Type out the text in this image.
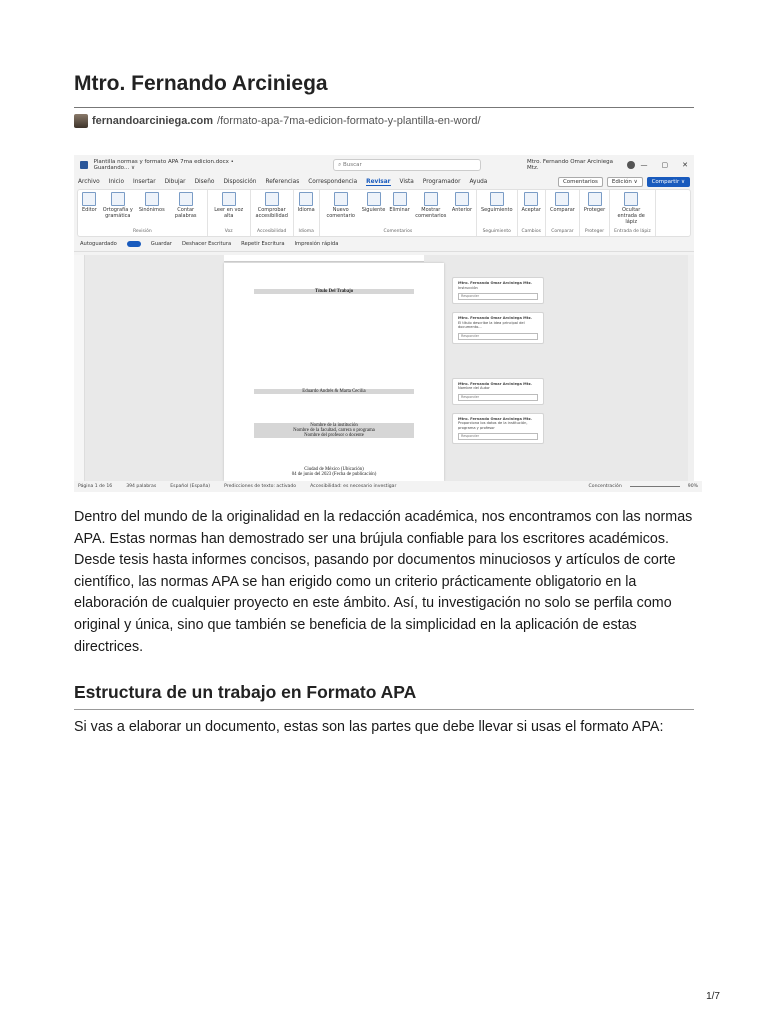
Mtro. Fernando Arciniega
fernandoarciniega.com /formato-apa-7ma-edicion-formato-y-plantilla-en-word/
Plantilla normas y formato APA 7ma edicion.docx • Guardando... ∨
⌕ Buscar	Mtro. Fernando Omar Arciniega Mtz.	— ▢ ✕
Archivo Inicio Insertar Dibujar Diseño Disposición Referencias Correspondencia Revisar Vista Programador Ayuda	Comentarios	Edición ∨	Compartir ∨
Editor	Ortografía y gramática
Sinónimos	Contar palabras
Revisión
Leer en voz alta
Voz
Comprobar accesibilidad
Accesibilidad
Idioma
Idioma
Nuevo comentario
Siguiente Eliminar	Mostrar comentarios
Anterior
Comentarios
Seguimiento
Seguimiento
Aceptar
Cambios
Comparar
Comparar
Proteger
Proteger
Ocultar entrada de lápiz
Entrada de lápiz
Autoguardado	Guardar Deshacer Escritura Repetir Escritura Impresión rápida
Título Del Trabajo
Eduardo Andrés & Marta Cecilia
Nombre de la institución
Nombre de la facultad, carrera o programa
Nombre del profesor o docente
Ciudad de México (Ubicación)
04 de junio del 2023 (Fecha de publicación)
Mtro. Fernando Omar Arciniega Mtz.
Instrucción
Responder
Mtro. Fernando Omar Arciniega Mtz.
El título describe la idea principal del documento...
Responder
Mtro. Fernando Omar Arciniega Mtz.
Nombre del Autor
Responder
Mtro. Fernando Omar Arciniega Mtz.
Proporciona los datos de la institución, programa y profesor
Responder
Página 1 de 16	394 palabras	Español (España)	Predicciones de texto: activado	Accesibilidad: es necesario investigar	Concentración	90%
Dentro del mundo de la originalidad en la redacción académica, nos encontramos con las normas APA. Estas normas han demostrado ser una brújula confiable para los escritores académicos. Desde tesis hasta informes concisos, pasando por documentos minuciosos y artículos de corte científico, las normas APA se han erigido como un criterio prácticamente obligatorio en la elaboración de cualquier proyecto en este ámbito. Así, tu investigación no solo se perfila como original y única, sino que también se beneficia de la simplicidad en la aplicación de estas directrices.
Estructura de un trabajo en Formato APA
Si vas a elaborar un documento, estas son las partes que debe llevar si usas el formato APA:
1/7
